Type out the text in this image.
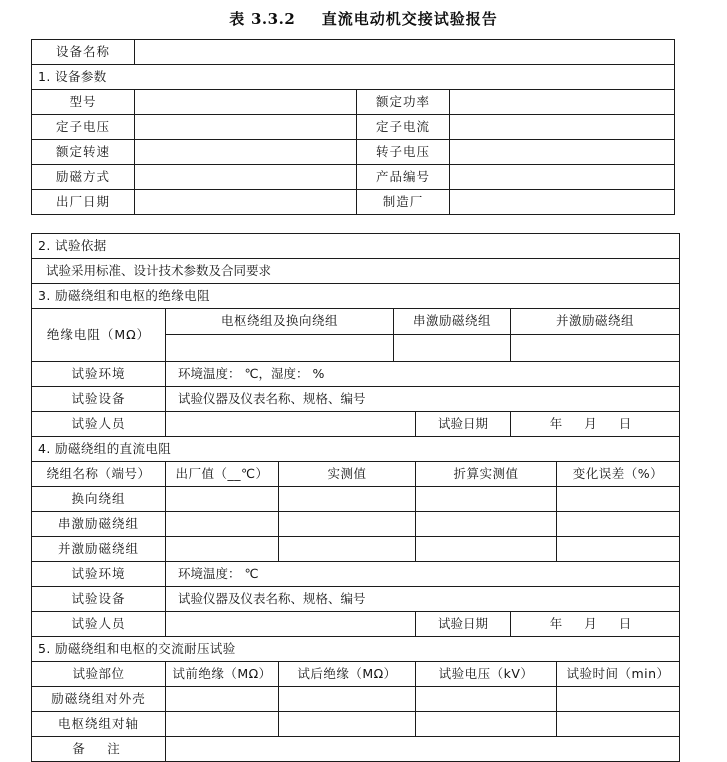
表 3.3.2 直流电动机交接试验报告
设备名称			
1. 设备参数			
型号		额定功率	
定子电压		定子电流	
额定转速		转子电压	
励磁方式		产品编号	
出厂日期		制造厂	
2. 试验依据						
试验采用标准、设计技术参数及合同要求						
3. 励磁绕组和电枢的绝缘电阻						
绝缘电阻（MΩ）	电枢绕组及换向绕组		串激励磁绕组		并激励磁绕组	

试验环境	环境温度： ℃，湿度： %					
试验设备	试验仪器及仪表名称、规格、编号					
试验人员				试验日期	年 月 日	
4. 励磁绕组的直流电阻						
绕组名称（端号）	出厂值（__℃）	实测值		折算实测值		变化误差（%）
换向绕组						
串激励磁绕组						
并激励磁绕组						
试验环境	环境温度： ℃					
试验设备	试验仪器及仪表名称、规格、编号					
试验人员				试验日期	年 月 日	
5. 励磁绕组和电枢的交流耐压试验						
试验部位	试前绝缘（MΩ）	试后绝缘（MΩ）		试验电压（kV）		试验时间（min）
励磁绕组对外壳						
电枢绕组对轴						
备　注						
